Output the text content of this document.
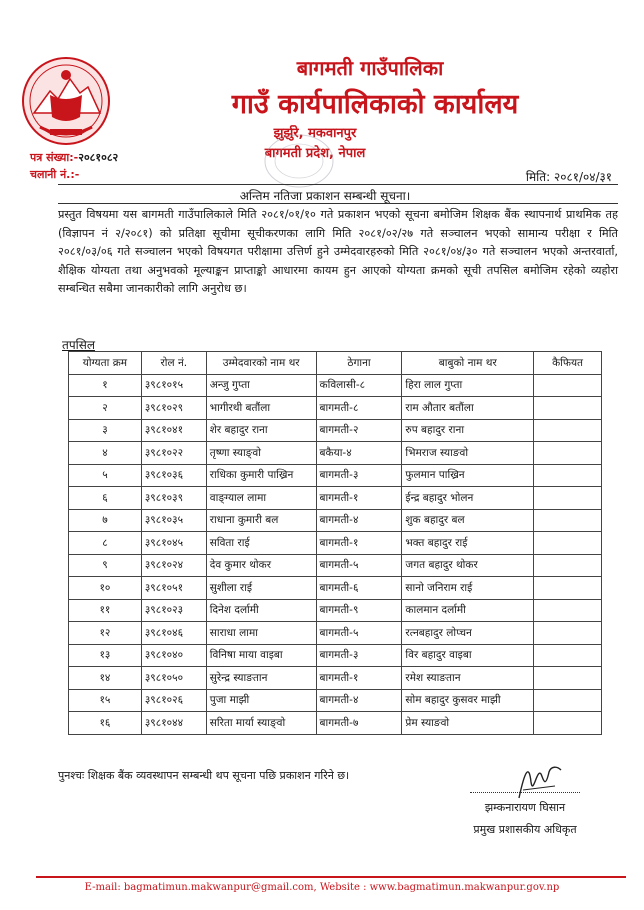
बागमती गाउँपालिका
गाउँ कार्यपालिकाको कार्यालय
झुर्झुरे, मकवानपुर
बागमती प्रदेश, नेपाल
पत्र संख्या:-२०८१०८२
चलानी नं.:-	मिति: २०८१/०४/३१
अन्तिम नतिजा प्रकाशन सम्बन्धी सूचना।
प्रस्तुत विषयमा यस बागमती गाउँपालिकाले मिति २०८१/०१/१० गते प्रकाशन भएको सूचना बमोजिम शिक्षक बैंक स्थापनार्थ प्राथमिक तह (विज्ञापन नं २/२०८१) को प्रतिक्षा सूचीमा सूचीकरणका लागि मिति २०८१/०२/२७ गते सञ्चालन भएको सामान्य परीक्षा र मिति २०८१/०३/०६ गते सञ्चालन भएको विषयगत परीक्षामा उत्तिर्ण हुने उम्मेदवारहरुको मिति २०८१/०४/३० गते सञ्चालन भएको अन्तरवार्ता, शैक्षिक योग्यता तथा अनुभवको मूल्याङ्कन प्राप्ताङ्को आधारमा कायम हुन आएको योग्यता क्रमको सूची तपसिल बमोजिम रहेको व्यहोरा सम्बन्धित सबैमा जानकारीको लागि अनुरोध छ।
तपसिल
योग्यता क्रम	रोल नं.	उम्मेदवारको नाम थर	ठेगाना	बाबुको नाम थर	कैफियत
१	३९८१०१५	अन्जु गुप्ता	कविलासी-८	हिरा लाल गुप्ता	
२	३९८१०२९	भागीरथी बतौंला	बागमती-८	राम औतार बतौंला	
३	३९८१०४१	शेर बहादुर राना	बागमती-२	रुप बहादुर राना	
४	३९८१०२२	तृष्णा स्याङ्वो	बकैया-४	भिमराज स्याङवो	
५	३९८१०३६	राधिका कुमारी पाख्रिन	बागमती-३	फुलमान पाख्रिन	
६	३९८१०३९	वाङ्ग्याल लामा	बागमती-१	ईन्द्र बहादुर भोलन	
७	३९८१०३५	राधाना कुमारी बल	बागमती-४	शुक बहादुर बल	
८	३९८१०४५	सविता राई	बागमती-१	भक्त बहादुर राई	
९	३९८१०२४	देव कुमार थोकर	बागमती-५	जगत बहादुर थोकर	
१०	३९८१०५१	सुशीला राई	बागमती-६	सानो जनिराम राई	
११	३९८१०२३	दिनेश दर्लामी	बागमती-९	कालमान दर्लामी	
१२	३९८१०४६	साराधा लामा	बागमती-५	रत्नबहादुर लोप्चन	
१३	३९८१०४०	विनिषा माया वाइबा	बागमती-३	विर बहादुर वाइबा	
१४	३९८१०५०	सुरेन्द्र स्याङतान	बागमती-१	रमेश स्याङतान	
१५	३९८१०२६	पुजा माझी	बागमती-४	सोम बहादुर कुसवर माझी	
१६	३९८१०४४	सरिता मार्या स्याङ्वो	बागमती-७	प्रेम स्याङवो	
पुनश्चः शिक्षक बैंक व्यवस्थापन सम्बन्धी थप सूचना पछि प्रकाशन गरिने छ।
झम्कनारायण घिसान
प्रमुख प्रशासकीय अधिकृत
E-mail: bagmatimun.makwanpur@gmail.com, Website : www.bagmatimun.makwanpur.gov.np
